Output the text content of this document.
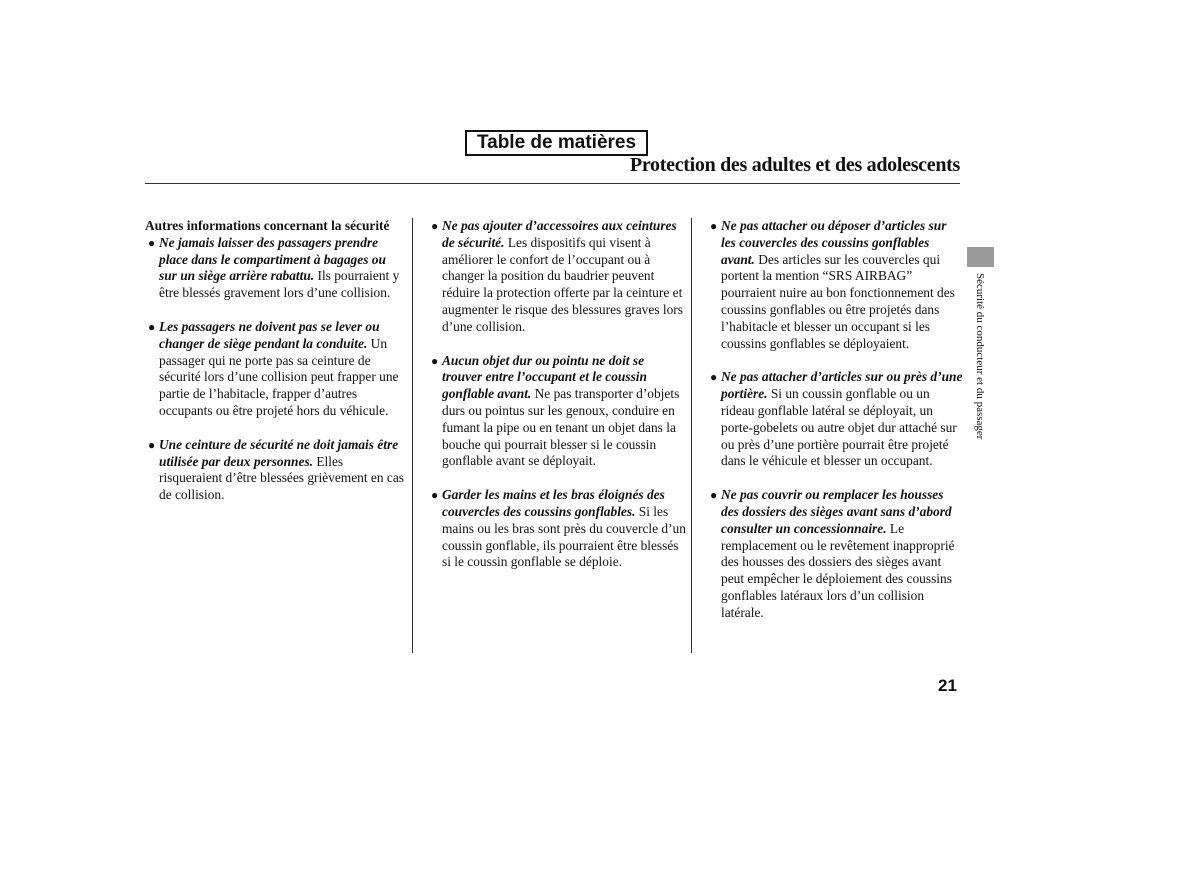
Table de matières
Protection des adultes et des adolescents

Autres informations concernant la sécurité

● Ne jamais laisser des passagers prendre place dans le compartiment à bagages ou sur un siège arrière rabattu. Ils pourraient y être blessés gravement lors d’une collision.
● Les passagers ne doivent pas se lever ou changer de siège pendant la conduite. Un passager qui ne porte pas sa ceinture de sécurité lors d’une collision peut frapper une partie de l’habitacle, frapper d’autres occupants ou être projeté hors du véhicule.
● Une ceinture de sécurité ne doit jamais être utilisée par deux personnes. Elles risqueraient d’être blessées grièvement en cas de collision.
● Ne pas ajouter d’accessoires aux ceintures de sécurité. Les dispositifs qui visent à améliorer le confort de l’occupant ou à changer la position du baudrier peuvent réduire la protection offerte par la ceinture et augmenter le risque des blessures graves lors d’une collision.
● Aucun objet dur ou pointu ne doit se trouver entre l’occupant et le coussin gonflable avant. Ne pas transporter d’objets durs ou pointus sur les genoux, conduire en fumant la pipe ou en tenant un objet dans la bouche qui pourrait blesser si le coussin gonflable avant se déployait.
● Garder les mains et les bras éloignés des couvercles des coussins gonflables. Si les mains ou les bras sont près du couvercle d’un coussin gonflable, ils pourraient être blessés si le coussin gonflable se déploie.
● Ne pas attacher ou déposer d’articles sur les couvercles des coussins gonflables avant. Des articles sur les couvercles qui portent la mention “SRS AIRBAG” pourraient nuire au bon fonctionnement des coussins gonflables ou être projetés dans l’habitacle et blesser un occupant si les coussins gonflables se déployaient.
● Ne pas attacher d’articles sur ou près d’une portière. Si un coussin gonflable ou un rideau gonflable latéral se déployait, un porte-gobelets ou autre objet dur attaché sur ou près d’une portière pourrait être projeté dans le véhicule et blesser un occupant.
● Ne pas couvrir ou remplacer les housses des dossiers des sièges avant sans d’abord consulter un concessionnaire. Le remplacement ou le revêtement inapproprié des housses des dossiers des sièges avant peut empêcher le déploiement des coussins gonflables latéraux lors d’un collision latérale.
Sécurité du conducteur et du passager
21
